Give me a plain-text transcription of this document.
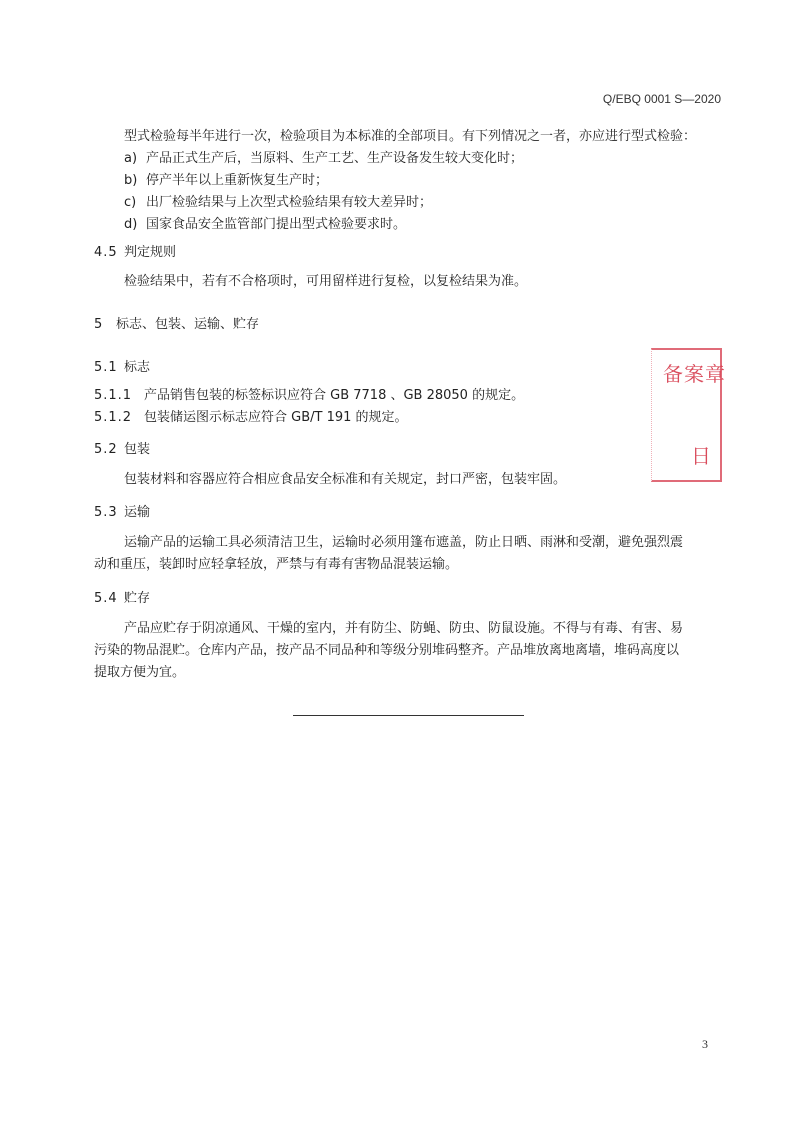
Q/EBQ 0001 S—2020
型式检验每半年进行一次，检验项目为本标准的全部项目。有下列情况之一者，亦应进行型式检验：
a) 产品正式生产后，当原料、生产工艺、生产设备发生较大变化时；
b) 停产半年以上重新恢复生产时；
c) 出厂检验结果与上次型式检验结果有较大差异时；
d) 国家食品安全监管部门提出型式检验要求时。
4.5 判定规则
检验结果中，若有不合格项时，可用留样进行复检，以复检结果为准。
5 标志、包装、运输、贮存
5.1 标志
5.1.1 产品销售包装的标签标识应符合 GB 7718 、GB 28050 的规定。
5.1.2 包装储运图示标志应符合 GB/T 191 的规定。
5.2 包装
包装材料和容器应符合相应食品安全标准和有关规定，封口严密，包装牢固。
5.3 运输
运输产品的运输工具必须清洁卫生，运输时必须用篷布遮盖，防止日晒、雨淋和受潮，避免强烈震
动和重压，装卸时应轻拿轻放，严禁与有毒有害物品混装运输。
5.4 贮存
产品应贮存于阴凉通风、干燥的室内，并有防尘、防蝇、防虫、防鼠设施。不得与有毒、有害、易
污染的物品混贮。仓库内产品，按产品不同品种和等级分别堆码整齐。产品堆放离地离墙，堆码高度以
提取方便为宜。
备案章
日
3
